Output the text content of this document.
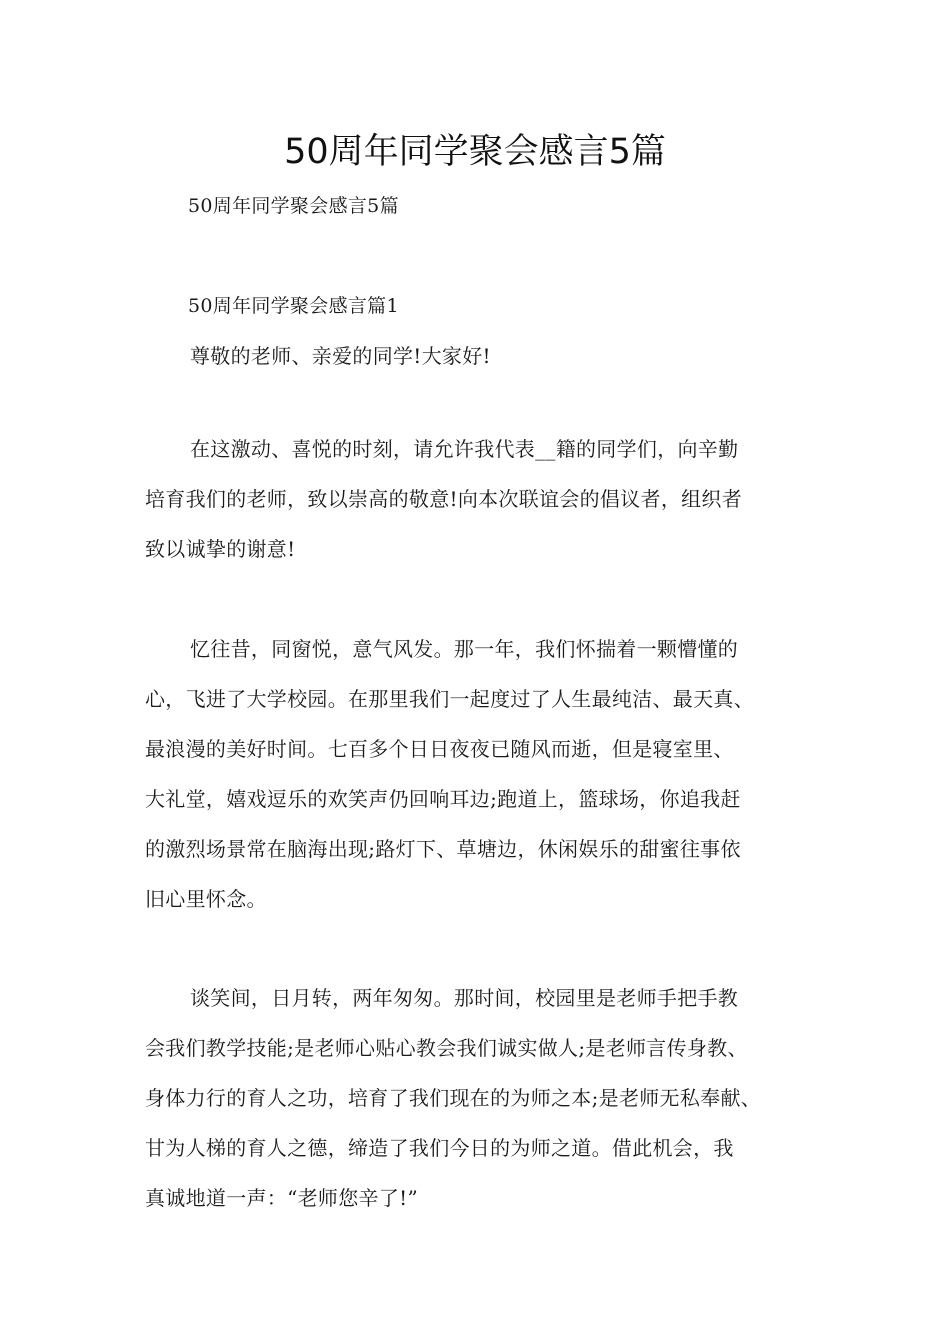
50周年同学聚会感言5篇
50周年同学聚会感言5篇
50周年同学聚会感言篇1
尊敬的老师、亲爱的同学!大家好!
在这激动、喜悦的时刻，请允许我代表__籍的同学们，向辛勤
培育我们的老师，致以崇高的敬意!向本次联谊会的倡议者，组织者
致以诚挚的谢意!
忆往昔，同窗悦，意气风发。那一年，我们怀揣着一颗懵懂的
心，飞进了大学校园。在那里我们一起度过了人生最纯洁、最天真、
最浪漫的美好时间。七百多个日日夜夜已随风而逝，但是寝室里、
大礼堂，嬉戏逗乐的欢笑声仍回响耳边;跑道上，篮球场，你追我赶
的激烈场景常在脑海出现;路灯下、草塘边，休闲娱乐的甜蜜往事依
旧心里怀念。
谈笑间，日月转，两年匆匆。那时间，校园里是老师手把手教
会我们教学技能;是老师心贴心教会我们诚实做人;是老师言传身教、
身体力行的育人之功，培育了我们现在的为师之本;是老师无私奉献、
甘为人梯的育人之德，缔造了我们今日的为师之道。借此机会，我
真诚地道一声：“老师您辛了!”
